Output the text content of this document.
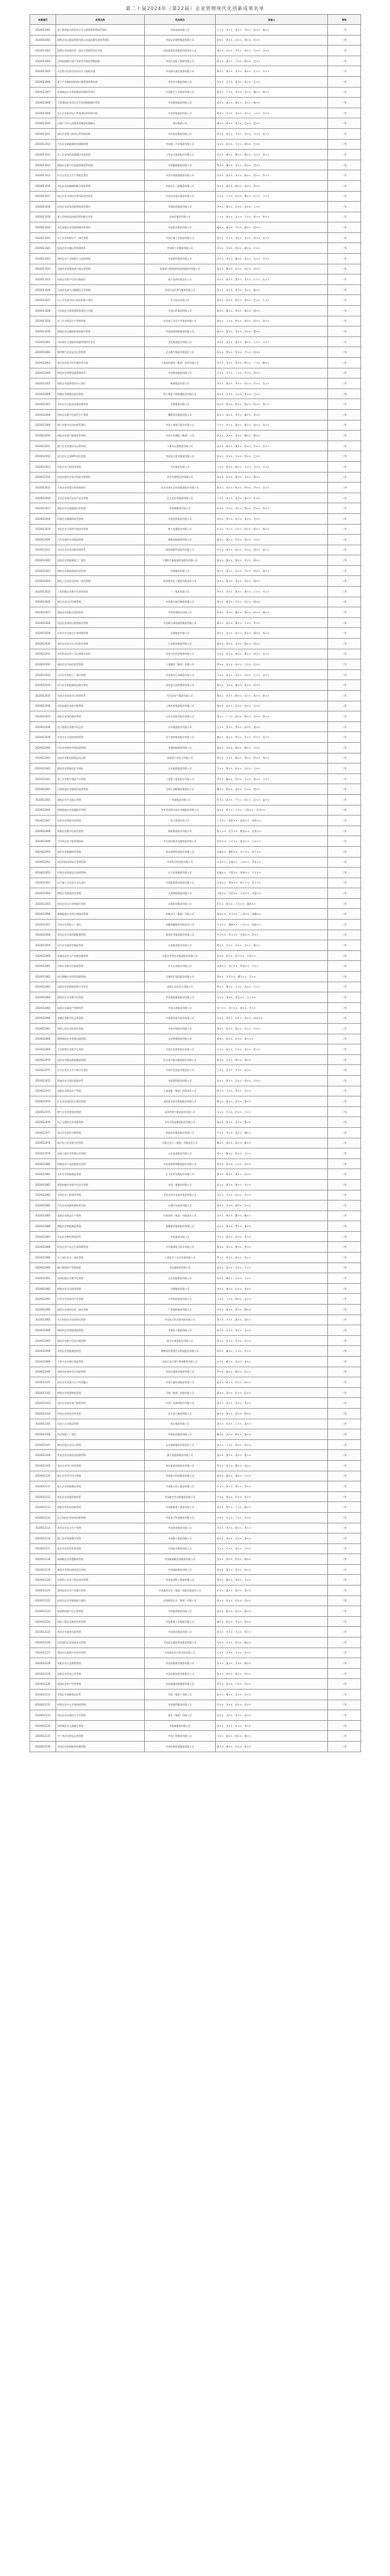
第二十届2024年（第22届）企业管理现代化创新成果名单
成果编号	成果名称	完成单位	创造人	等级
2024011001	基于数智驱动的国有企业全面预算管理体系建设	国家电网有限公司	王××、李××、张××、刘××、陈××、杨××	一等
2024011002	钢铁企业以精益管理为核心的高质量发展体系建设	中国宝武钢铁集团有限公司	赵××、周××、吴××、郑××、孙××	一等
2024011003	能源企业构建世界一流安全管理体系的实践	国家能源投资集团有限责任公司	钱××、孙××、李××、周××、吴××、冯××	一等
2024011004	以科技创新引领产业转型升级的管理创新	中国石油化工集团有限公司	陈××、褚××、卫××、蒋××、沈××	一等
2024011005	央企数字化转型顶层设计与落地实施	中国移动通信集团有限公司	韩××、杨××、朱××、秦××、尤××、许××	一等
2024011006	基于产业链协同的供应链管理体系构建	中国中车集团有限公司	何××、吕××、施××、张××、孔××	一等
2024011007	装备制造企业智能制造管理体系建设	中国航空工业集团有限公司	曹××、严××、华××、金××、魏××、陶××	一等
2024011008	大型建筑企业项目全生命周期精细化管理	中国建筑集团有限公司	姜××、戚××、谢××、邹××、喻××	一等
2024011009	电力企业新型电力系统建设的管理实践	中国华能集团有限公司	柏××、水××、窦××、章××、云××、苏××	一等
2024011010	以客户为中心的服务型制造管理模式	海尔集团公司	潘××、葛××、奚××、范××、彭××	一等
2024011011	通信企业算力网络运营管理创新	中国电信集团有限公司	郎××、鲁××、韦××、昌××、马××、苗××	一等
2024011012	汽车企业新能源转型战略管理	中国第一汽车集团有限公司	凤××、花××、方××、俞××、任××	一等
2024011013	化工企业绿色低碳循环发展管理	万华化学集团股份有限公司	袁××、柳××、酆××、鲍××、史××、唐××	一等
2024011014	船舶企业数字化造船管理体系构建	中国船舶集团有限公司	费××、廉××、岑××、薛××、雷××	一等
2024011015	矿山企业安全生产智能化管控	中国中煤能源集团有限公司	贺××、倪××、汤××、滕××、殷××、罗××	一等
2024011016	水电企业流域梯级联合调度管理	中国长江三峡集团有限公司	毕××、郝××、邬××、安××、常××	一等
2024011017	航运企业全球化经营风险管控体系	中国远洋海运集团有限公司	乐××、于××、时××、傅××、皮××、卞××	一等
2024011018	医药企业研发创新管理体系建设	中国医药集团有限公司	齐××、康××、伍××、余××、元××	一等
2024011019	基于价值创造的集团管控模式变革	招商局集团有限公司	卜××、顾××、孟××、平××、黄××、和××	一等
2024011020	有色金属企业资源保障体系建设	中国铝业集团有限公司	穆××、萧××、尹××、姚××、邵××	一等
2024011021	军工企业科研生产一体化管理	中国兵器工业集团有限公司	湛××、汪××、祁××、毛××、禹××、狄××	一等
2024011022	核电企业卓越运营管理体系	中国核工业集团有限公司	米××、贝××、明××、臧××、计××	一等
2024011023	建材企业产业链整合与协同管理	中国建材集团有限公司	伏××、成××、戴××、谈××、宋××、茅××	一等
2024011024	交通企业智慧高速公路运营管理	招商局公路网络科技控股股份有限公司	庞××、熊××、纪××、舒××、屈××	一等
2024011025	电网企业数字化供应链建设	南方电网有限责任公司	项××、祝××、董××、梁××、杜××、阮××	一等
2024011026	石油企业油气田精细化开发管理	中国石油天然气集团有限公司	蓝××、闵××、席××、季××、麻××	一等
2024011027	以人才发展为核心的组织能力建设	华为技术有限公司	强××、贾××、路××、娄××、危××、江××	一等
2024011028	大型国企合规管理体系建设与实践	中国五矿集团有限公司	童××、颜××、郭××、梅××、盛××	一等
2024011029	电子企业精益生产管理创新	中国电子信息产业集团有限公司	林××、刁××、钟××、徐××、邱××、骆××	一等
2024011030	铁路企业运输组织效率提升管理	中国国家铁路集团有限公司	高××、夏××、蔡××、田××、樊××	一等
2024012001	以标准化为基础的质量管理体系升级	美的集团股份有限公司	胡××、凌××、霍××、虞××、万××、支××	二等
2024012002	城市燃气企业安全运营管理	北京燃气集团有限责任公司	柯××、昝××、管××、卢××、莫××	二等
2024012003	地方国企混合所有制改革实践	上海国际港务（集团）股份有限公司	经××、房××、裘××、缪××、干××、解××	二等
2024012004	物流企业智慧仓储管理体系	中国物流集团有限公司	应××、宗××、丁××、宣××、贲××	二等
2024012005	钢铁企业能源管控中心建设	鞍钢集团有限公司	邓××、郁××、单××、杭××、洪××、包××	二等
2024012006	机械企业服务化转型管理	徐工集团工程机械股份有限公司	诸××、左××、石××、崔××、吉××	二等
2024012007	食品企业全链条质量追溯管理	中粮集团有限公司	钮××、龚××、程××、嵇××、邢××、滑××	二等
2024012008	纺织企业数字化柔性生产管理	魏桥创业集团有限公司	裴××、陆××、荣××、翁××、荀××	二等
2024012009	银行业数字化风控体系建设	中国工商银行股份有限公司	羊××、於××、惠××、甄××、曲××、家××	二等
2024012010	保险企业客户服务体系创新	中国人寿保险（集团）公司	封××、芮××、羿××、储××、靳××	二等
2024012011	港口企业智慧码头运营管理	宁波舟山港集团有限公司	汲××、邴××、糜××、松××、井××、段××	二等
2024012012	电力设计企业EPC项目管理	中国电力建设集团有限公司	富××、巫××、乌××、焦××、巴××	二等
2024012013	化肥企业产销协同管理	中化集团有限公司	弓××、牧××、隗××、山××、谷××、车××	二等
2024012014	轨道交通企业安全风险分级管控	北京市地铁运营有限公司	侯××、宓××、蓬××、全××、郗××	二等
2024012015	水务企业智慧水务管理建设	北京首创生态环保集团股份有限公司	班××、仰××、秋××、仲××、伊××、宫××	二等
2024012016	农业企业现代农业产业化管理	北大荒农垦集团有限公司	宁××、仇××、栾××、暴××、甘××	二等
2024012017	旅游企业全域旅游运营管理	华侨城集团有限公司	钭××、厉××、戎××、祖××、武××、符××	二等
2024012018	传媒企业融媒体转型管理	中国出版集团有限公司	刘××、景××、詹××、束××、龙××	二等
2024012019	家电企业全球供应链协同管理	格力电器股份有限公司	叶××、幸××、司××、韶××、郜××、黎××	二等
2024012020	汽车零部件企业精益管理	潍柴控股集团有限公司	蓟××、薄××、印××、宿××、白××	二等
2024012021	光伏企业技术创新管理体系	隆基绿能科技股份有限公司	怀××、蒲××、邰××、从××、鄂××、索××	二等
2024012022	电池企业智能制造工厂建设	宁德时代新能源科技股份有限公司	咸××、籍××、赖××、卓××、蔺××	二等
2024012023	钢铁企业超低排放改造管理	河钢集团有限公司	屠××、蒙××、池××、乔××、阴××、郁××	二等
2024012024	煤化工企业安全环保一体化管理	陕西煤业化工集团有限责任公司	胥××、能××、苍××、双××、闻××	二等
2024012025	工程机械企业数字化营销管理	三一集团有限公司	莘××、党××、翟××、谭××、贡××、劳××	二等
2024012026	航空企业运行控制管理	中国南方航空集团有限公司	逄××、姬××、申××、扶××、堵××	二等
2024012027	建筑企业装配式建造管理	中国铁建股份有限公司	冉××、宰××、郦××、雍××、郤××、璩××	二等
2024012028	电信企业网络运维智能化管理	中国联合网络通信集团有限公司	桑××、桂××、濮××、牛××、寿××	二等
2024012029	冶金企业设备全生命周期管理	首钢集团有限公司	通××、边××、扈××、燕××、冀××、郏××	二等
2024012030	有色企业安全生产标准化管理	江西铜业集团有限公司	浦××、尚××、农××、温××、别××	二等
2024012031	国有资本投资公司运营模式创新	国家开发投资集团有限公司	庄××、晏××、柴××、瞿××、阎××、充××	二等
2024012032	城投企业市场化转型管理	上海城投（集团）有限公司	慕××、连××、茹××、习××、宦××	二等
2024012033	石化企业智能工厂建设管理	中国海洋石油集团有限公司	艾××、鱼××、容××、向××、古××、易××	二等
2024012034	电力企业新能源场站集中管控	国家电力投资集团有限公司	慎××、戈××、廖××、庾××、终××	二等
2024012035	装备企业研发项目管理体系	哈尔滨电气集团有限公司	暨××、居××、衡××、步××、都××、耿××	二等
2024012036	药品流通企业供应链管理	上海医药集团股份有限公司	满××、弘××、匡××、国××、文××	二等
2024012037	造纸企业绿色制造管理	山东太阳纸业股份有限公司	寇××、广××、禄××、阙××、东××、殴××	二等
2024012038	电子商务企业数字化运营	京东集团股份有限公司	殳××、沃××、利××、蔚××、越××	二等
2024012039	零售企业全渠道营销管理	苏宁易购集团股份有限公司	夔××、隆××、师××、巩××、厍××、聂××	二等
2024012040	汽车企业海外市场拓展管理	奇瑞控股集团有限公司	晁××、勾××、敖××、融××、冷××	二等
2024012041	电网企业配电网精益化运维	国网浙江省电力有限公司	訾××、辛××、阚××、那××、简××、饶××	二等
2024012042	煤炭企业智能化矿井建设	山东能源集团有限公司	空××、曾××、毋××、沙××、乜××	二等
2024012043	建工企业数字建造平台管理	上海建工集团股份有限公司	养××、鞠××、须××、丰××、巢××、关××	二等
2024012044	石油装备企业服务化延伸管理	宝鸡石油机械有限责任公司	蒯××、相××、查××、后××、荆××	二等
2024012045	港航企业多式联运管理	广州港集团有限公司	红××、游××、竺××、权××、逯××、盖××	二等
2024012046	铁路装备企业质量提升管理	中车青岛四方机车车辆股份有限公司	益××、桓××、公××、万俟××、司马××	二等
2024012047	化纤企业智能车间管理	恒力集团有限公司	上官××、欧阳××、夏侯××、诸葛××	二等
2024012048	轮胎企业数字化转型管理	赛轮集团股份有限公司	闻人××、东方××、赫连××、皇甫××	二等
2024012049	半导体企业产能管理创新	中芯国际集成电路制造有限公司	尉迟××、公羊××、澹台××、公冶××	二等
2024012050	软件企业敏捷研发管理	用友网络科技股份有限公司	宗政××、濮阳××、淳于××、单于××	二等
2024012051	国企科技成果转化管理机制	中国科学院控股有限公司	太叔××、申屠××、公孙××、仲孙××	二等
2024012052	环保企业固废综合处理管理	光大环境集团有限公司	轩辕××、令狐××、钟离××、宇文××	二等
2024012053	电力施工企业安全文化建设	中国能源建设集团有限公司	长孙××、慕容××、鲜于××、闾丘××	二等
2024012054	钢管企业精益成本管理	天津钢管制造有限公司	司徒××、司空××、亓官××、司寇××	二等
2024012055	机场企业运行效率提升管理	首都机场集团有限公司	仉××、督××、子车××、颛孙××	二等
2024012056	船舶配套企业供应商协同管理	中船动力（集团）有限公司	端木××、巫马××、公西××、漆雕××	二等
2024012057	水泥企业智能工厂建设	安徽海螺集团有限责任公司	乐正××、壤驷××、公良××、拓跋××	二等
2024012058	有色企业全球资源配置管理	紫金矿业集团股份有限公司	夹谷××、宰父××、谷梁××、晋××	二等
2024012059	电气企业服务型制造管理	正泰集团股份有限公司	楚××、闫××、法××、汝××、鄢××	二等
2024012060	乳制品企业全产业链质量管理	内蒙古伊利实业集团股份有限公司	涂××、钦××、段干××、百里××	二等
2024012061	饮料企业数字化渠道管理	农夫山泉股份有限公司	东郭××、南门××、呼延××、归××	二等
2024012062	医疗器械企业研发质量管理	迈瑞医疗国际股份有限公司	海××、羊舌××、微生××、岳××	二等
2024012063	电网企业营销服务数字化转型	国网江苏省电力有限公司	帅××、缑××、亢××、况××、后××	二等
2024012064	建筑设计企业数字化管理	华东建筑集团股份有限公司	有××、琴××、梁丘××、左丘××	二等
2024012065	能源企业碳资产管理体系	中国大唐集团有限公司	东门××、西门××、商××、牟××	二等
2024012066	金融企业数字化运营管理	中国建设银行股份有限公司	佘××、佴××、伯××、赏××、南宫××	二等
2024012067	铁路工程企业标准化管理	中国中铁股份有限公司	墨××、哈××、谯××、笪××、年××	二等
2024012068	钢铁物流企业智慧运输管理	宝武智维科技有限公司	爱××、阳××、佟××、第五××	二等
2024012069	石化销售企业数字化营销	中国石化销售股份有限公司	言××、福××、百××、家××、姓××	二等
2024012070	电机企业精益智能制造管理	卧龙电气驱动集团股份有限公司	续××、岳××、帅××、琴××	二等
2024012071	化学企业安全生产数字化管控	中国中化控股有限责任公司	王××、张××、李××、赵××	二等
2024012072	装备企业全球化服务体系	中联重科股份有限公司	孙××、周××、吴××、郑××、冯××	二等
2024012073	造船企业精益生产管理	江南造船（集团）有限责任公司	陈××、卫××、蒋××、沈××	二等
2024012074	矿业企业绿色矿山建设管理	洛阳栾川钼业集团股份有限公司	韩××、杨××、朱××、秦××	二等
2024012075	燃气企业智慧管网管理	深圳市燃气集团股份有限公司	尤××、许××、何××、吕××	二等
2024012076	电子元器件企业质量管理	京东方科技集团股份有限公司	施××、张××、孔××、曹××	二等
2024012077	家居企业柔性定制管理	欧派家居集团股份有限公司	严××、华××、金××、魏××	二等
2024012078	地方电力企业数字化管理	内蒙古电力（集团）有限责任公司	陶××、姜××、戚××、谢××	二等
2024012079	高速公路企业智慧运营管理	山东高速集团有限公司	邹××、喻××、柏××、水××	二等
2024012080	特钢企业产品结构优化管理	中信泰富特钢集团股份有限公司	窦××、章××、云××、苏××	二等
2024012081	光纤企业智能制造管理	长飞光纤光缆股份有限公司	潘××、葛××、奚××、范××	二等
2024012082	重型机械企业数字化设计管理	中国一重集团有限公司	彭××、郎××、鲁××、韦××	二等
2024012083	水利企业工程建设管理	中国水利水电建设集团有限公司	昌××、马××、苗××、凤××	二等
2024012084	汽车企业质量管理体系升级	长城汽车股份有限公司	花××、方××、俞××、任××	二等
2024012085	卷烟企业精益生产管理	红塔烟草（集团）有限责任公司	袁××、柳××、酆××、鲍××	二等
2024012086	陶瓷企业智能制造管理	蒙娜丽莎集团股份有限公司	史××、唐××、费××、廉××	二等
2024012087	发电企业燃料管理体系	华电集团有限公司	岑××、薛××、雷××、贺××	二等
2024012088	机车企业产品全生命周期管理	中车株洲电力机车有限公司	倪××、汤××、滕××、殷××	二等
2024012089	化工园区安全一体化管理	上海化学工业区发展有限公司	罗××、毕××、郝××、邬××	二等
2024012090	港口集团资产管理创新	青岛港集团有限公司	安××、常××、乐××、于××	二等
2024012091	电线电缆企业数字化管理	远东控股集团有限公司	时××、傅××、皮××、卞××	二等
2024012092	钢铁企业全员绩效管理	沙钢集团有限公司	齐××、康××、伍××、余××	二等
2024012093	民营企业国际化经营管理	吉利控股集团有限公司	元××、卜××、顾××、孟××	二等
2024012094	地铁企业建设运营一体化管理	广州地铁集团有限公司	平××、黄××、和××、穆××	二等
2024012095	电力科研企业成果转化管理	中国电力科学研究院有限公司	萧××、尹××、姚××、邵××	二等
2024012096	钢结构企业智能建造管理	中建科工集团有限公司	湛××、汪××、祁××、毛××	二等
2024012097	服装企业数字化供应链管理	雅戈尔集团股份有限公司	禹××、狄××、米××、贝××	二等
2024012098	农机企业智能制造转型	潍柴雷沃智慧农业科技股份有限公司	明××、臧××、计××、伏××	二等
2024012099	天然气企业储运调度管理	国家石油天然气管网集团有限公司	成××、戴××、谈××、宋××	二等
2024012100	建筑央企海外项目风险管理	中国交通建设集团有限公司	茅××、庞××、熊××、纪××	二等
2024012101	国有企业党建与生产经营融合	中国兵器装备集团有限公司	舒××、屈××、项××、祝××	二等
2024012102	钢铁企业智慧物流管理	马钢（集团）控股有限公司	董××、梁××、杜××、阮××	二等
2024012103	电信企业政企客户服务管理	中国广电网络股份有限公司	蓝××、闵××、席××、季××	二等
2024012104	机电企业研发体系变革	东方电气集团有限公司	麻××、强××、贾××、路××	二等
2024012105	铝加工企业精益管理	南山集团有限公司	娄××、危××、江××、童××	二等
2024012106	药企智能工厂建设	华润医药集团有限公司	颜××、郭××、梅××、盛××	二等
2024012107	城市更新企业项目管理	北京城建集团有限责任公司	林××、刁××、钟××、徐××	二等
2024012108	发电企业设备状态检修管理	浙江省能源集团有限公司	邱××、骆××、高××、夏××	二等
2024012109	家电企业用户体验管理	海信集团控股股份有限公司	蔡××、田××、樊××、胡××	二等
2024012110	航天企业型号项目管理	中国航天科技集团有限公司	凌××、霍××、虞××、万××	二等
2024012111	航天企业智能制造管理	中国航天科工集团有限公司	支××、柯××、昝××、管××	二等
2024012112	航发企业质量管理体系	中国航空发动机集团有限公司	卢××、莫××、经××、房××	二等
2024012113	船舶企业科技创新管理	中国船舶重工集团有限公司	裘××、缪××、干××、解××	二等
2024012114	电子科技企业协同创新管理	中国电子科技集团有限公司	应××、宗××、丁××、宣××	二等
2024012115	黄金企业安全生产管理	中国黄金集团有限公司	贲××、邓××、郁××、单××	二等
2024012116	稀土企业资源整合管理	中国稀土集团有限公司	杭××、洪××、包××、诸××	二等
2024012117	盐业企业转型发展管理	中国盐业集团有限公司	左××、石××、崔××、吉××	二等
2024012118	储备粮企业智慧粮库管理	中国储备粮管理集团有限公司	钮××、龚××、程××、嵇××	二等
2024012119	邮政企业物流网络优化管理	中国邮政集团有限公司	邢××、滑××、裴××、陆××	二等
2024012120	冶金科工企业工程总承包管理	中国冶金科工集团有限公司	荣××、翁××、荀××、羊××	二等
2024012121	通用技术企业产业整合管理	中国通用技术（集团）控股有限责任公司	於××、惠××、甄××、曲××	二等
2024012122	检验认证企业服务能力建设	中国检验认证（集团）有限公司	家××、封××、芮××、羿××	二等
2024012123	旅游集团数字化运营管理	中国旅游集团有限公司	储××、靳××、汲××、邴××	二等
2024012124	国际工程企业海外经营管理	中国机械工业集团有限公司	糜××、松××、井××、段××	二等
2024012125	林业企业森林资源管理	中国林业集团有限公司	富××、巫××、乌××、焦××	二等
2024012126	信息通信企业网络安全管理	中国信息通信科技集团有限公司	巴××、弓××、牧××、隗××	二等
2024012127	建筑设计院数字化转型管理	中国建筑设计研究院有限公司	山××、谷××、车××、侯××	二等
2024012128	安能企业应急救援管理	中国安能建设集团有限公司	宓××、蓬××、全××、郗××	二等
2024012129	国新企业资本运营管理	中国国新控股有限责任公司	班××、仰××、秋××、仲××	二等
2024012130	诚通企业资产经营管理	中国诚通控股集团有限公司	伊××、宫××、宁××、仇××	二等
2024012131	华润企业战略管控体系	华润（集团）有限公司	栾××、暴××、甘××、钭××	二等
2024012132	保利企业多元业务协同管理	中国保利集团有限公司	厉××、戎××、祖××、武××	二等
2024012133	南光企业区域综合开发管理	南光（集团）有限公司	符××、刘××、景××、詹××	二等
2024012134	华侨城企业文旅融合管理	华侨城集团有限公司	束××、龙××、叶××、幸××	二等
2024012135	中广核企业核电运营管理	中国广核集团有限公司	司××、韶××、郜××、黎××	二等
2024012136	有研企业科研院所改制管理	中国有研科技集团有限公司	蓟××、薄××、印××、宿××	二等
